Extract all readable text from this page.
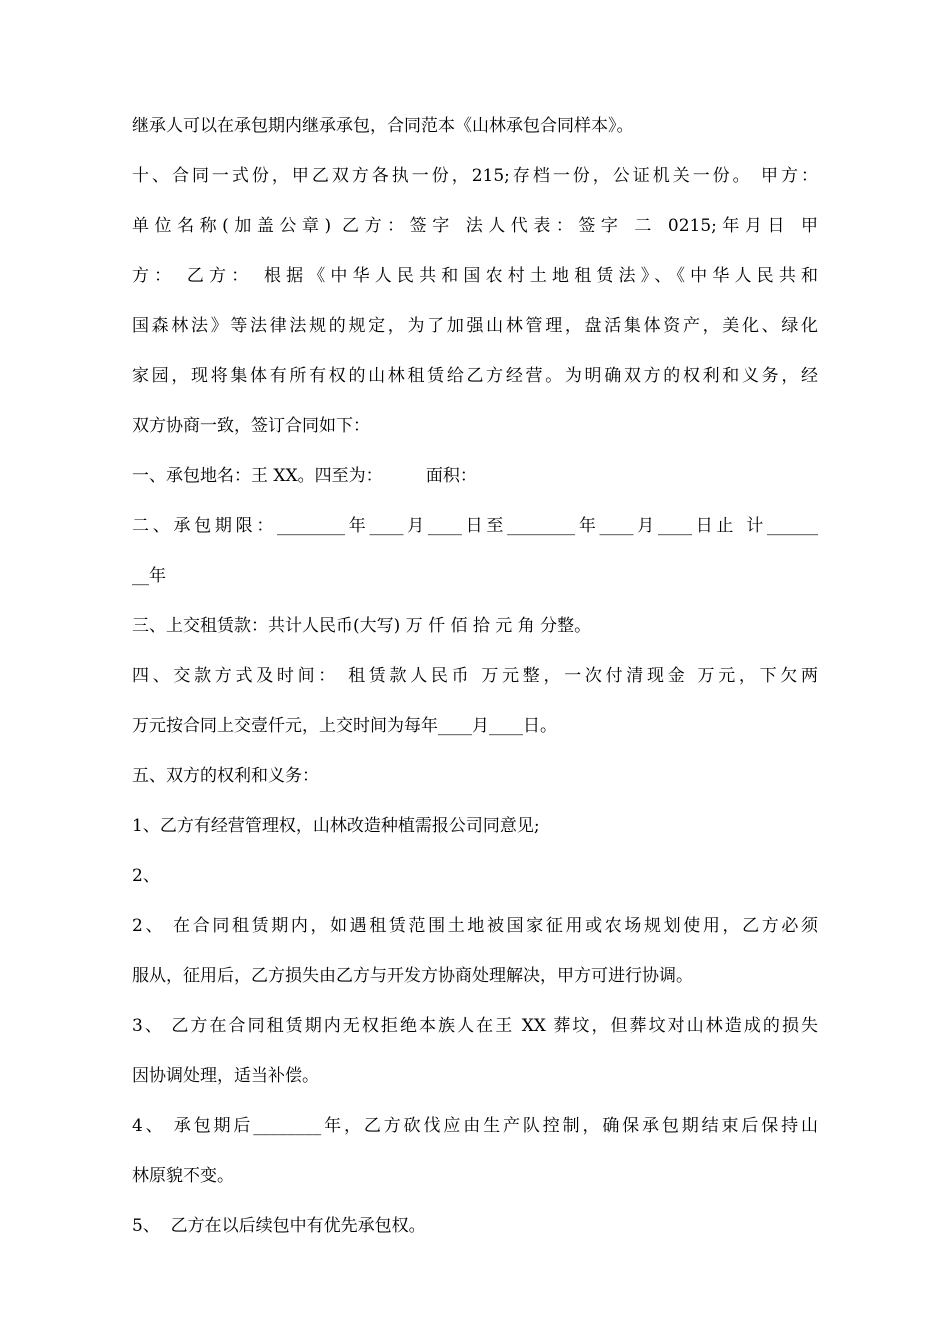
继承人可以在承包期内继承承包，合同范本《山林承包合同样本》。
十、合同一式份，甲乙双方各执一份，215;存档一份，公证机关一份。 甲方：
单位名称(加盖公章) 乙方：签字 法人代表：签字 二 0215;年月日 甲
方： 乙方： 根据《中华人民共和国农村土地租赁法》、《中华人民共和
国森林法》等法律法规的规定，为了加强山林管理，盘活集体资产，美化、绿化
家园，现将集体有所有权的山林租赁给乙方经营。为明确双方的权利和义务，经
双方协商一致，签订合同如下：
一、承包地名：王 XX。四至为：        面积：
二、承包期限：________年____月____日至________年____月____日止 计______
__年
三、上交租赁款：共计人民币(大写) 万 仟 佰 拾 元 角 分整。
四、交款方式及时间： 租赁款人民币 万元整，一次付清现金 万元，下欠两
万元按合同上交壹仟元，上交时间为每年____月____日。
五、双方的权利和义务：
1、乙方有经营管理权，山林改造种植需报公司同意见;
2、
2、 在合同租赁期内，如遇租赁范围土地被国家征用或农场规划使用，乙方必须
服从，征用后，乙方损失由乙方与开发方协商处理解决，甲方可进行协调。
3、 乙方在合同租赁期内无权拒绝本族人在王 XX 葬坟，但葬坟对山林造成的损失
因协调处理，适当补偿。
4、 承包期后________年，乙方砍伐应由生产队控制，确保承包期结束后保持山
林原貌不变。
5、  乙方在以后续包中有优先承包权。
